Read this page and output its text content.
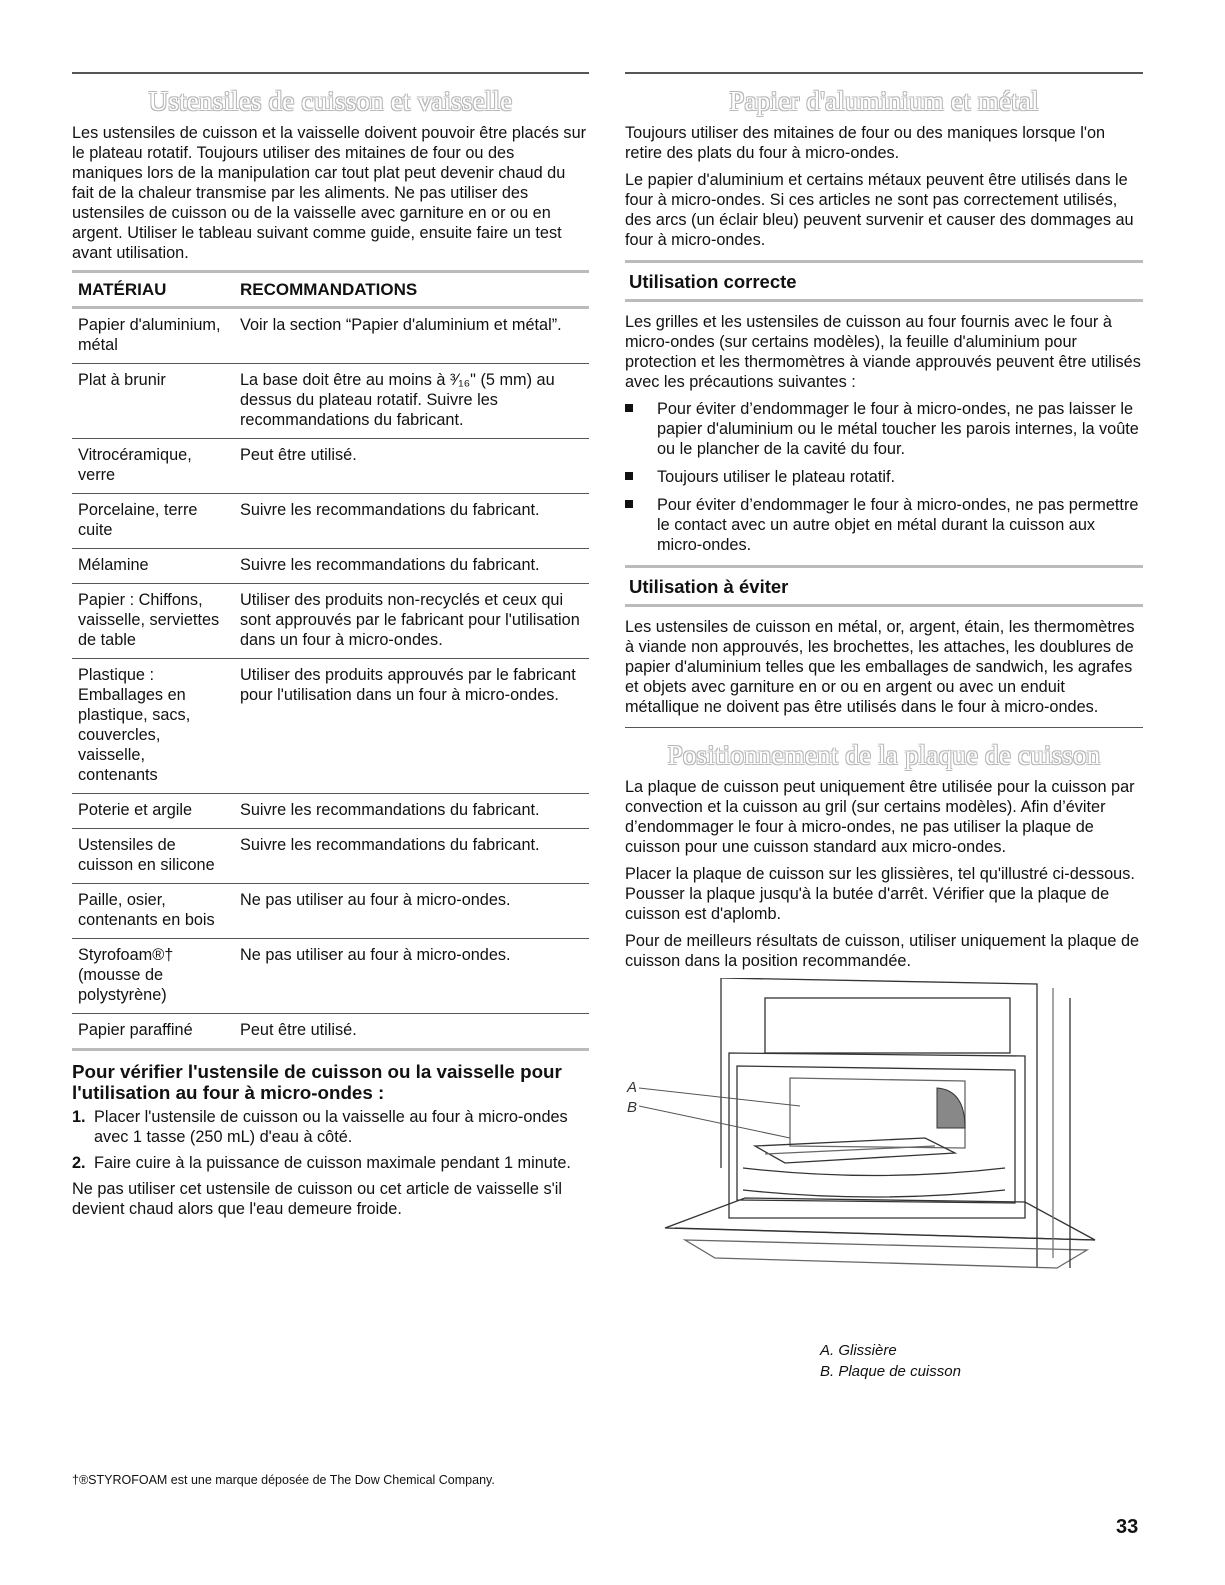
Ustensiles de cuisson et vaisselle

Les ustensiles de cuisson et la vaisselle doivent pouvoir être placés sur le plateau rotatif. Toujours utiliser des mitaines de four ou des maniques lors de la manipulation car tout plat peut devenir chaud du fait de la chaleur transmise par les aliments. Ne pas utiliser des ustensiles de cuisson ou de la vaisselle avec garniture en or ou en argent. Utiliser le tableau suivant comme guide, ensuite faire un test avant utilisation.

MATÉRIAU	RECOMMANDATIONS
Papier d'aluminium, métal	Voir la section “Papier d'aluminium et métal”.
Plat à brunir	La base doit être au moins à ³⁄₁₆" (5 mm) au dessus du plateau rotatif. Suivre les recommandations du fabricant.
Vitrocéramique, verre	Peut être utilisé.
Porcelaine, terre cuite	Suivre les recommandations du fabricant.
Mélamine	Suivre les recommandations du fabricant.
Papier : Chiffons, vaisselle, serviettes de table	Utiliser des produits non-recyclés et ceux qui sont approuvés par le fabricant pour l'utilisation dans un four à micro-ondes.
Plastique : Emballages en plastique, sacs, couvercles, vaisselle, contenants	Utiliser des produits approuvés par le fabricant pour l'utilisation dans un four à micro-ondes.
Poterie et argile	Suivre les recommandations du fabricant.
Ustensiles de cuisson en silicone	Suivre les recommandations du fabricant.
Paille, osier, contenants en bois	Ne pas utiliser au four à micro-ondes.
Styrofoam®† (mousse de polystyrène)	Ne pas utiliser au four à micro-ondes.
Papier paraffiné	Peut être utilisé.
Pour vérifier l'ustensile de cuisson ou la vaisselle pour l'utilisation au four à micro-ondes :
1. Placer l'ustensile de cuisson ou la vaisselle au four à micro-ondes avec 1 tasse (250 mL) d'eau à côté.
2. Faire cuire à la puissance de cuisson maximale pendant 1 minute.

Ne pas utiliser cet ustensile de cuisson ou cet article de vaisselle s'il devient chaud alors que l'eau demeure froide.

Papier d'aluminium et métal

Toujours utiliser des mitaines de four ou des maniques lorsque l'on retire des plats du four à micro-ondes.

Le papier d'aluminium et certains métaux peuvent être utilisés dans le four à micro-ondes. Si ces articles ne sont pas correctement utilisés, des arcs (un éclair bleu) peuvent survenir et causer des dommages au four à micro-ondes.

Utilisation correcte

Les grilles et les ustensiles de cuisson au four fournis avec le four à micro-ondes (sur certains modèles), la feuille d'aluminium pour protection et les thermomètres à viande approuvés peuvent être utilisés avec les précautions suivantes :

Pour éviter d’endommager le four à micro-ondes, ne pas laisser le papier d'aluminium ou le métal toucher les parois internes, la voûte ou le plancher de la cavité du four.
Toujours utiliser le plateau rotatif.
Pour éviter d’endommager le four à micro-ondes, ne pas permettre le contact avec un autre objet en métal durant la cuisson aux micro-ondes.
Utilisation à éviter

Les ustensiles de cuisson en métal, or, argent, étain, les thermomètres à viande non approuvés, les brochettes, les attaches, les doublures de papier d'aluminium telles que les emballages de sandwich, les agrafes et objets avec garniture en or ou en argent ou avec un enduit métallique ne doivent pas être utilisés dans le four à micro-ondes.

Positionnement de la plaque de cuisson

La plaque de cuisson peut uniquement être utilisée pour la cuisson par convection et la cuisson au gril (sur certains modèles). Afin d’éviter d’endommager le four à micro-ondes, ne pas utiliser la plaque de cuisson pour une cuisson standard aux micro-ondes.

Placer la plaque de cuisson sur les glissières, tel qu'illustré ci-dessous. Pousser la plaque jusqu'à la butée d'arrêt. Vérifier que la plaque de cuisson est d'aplomb.

Pour de meilleurs résultats de cuisson, utiliser uniquement la plaque de cuisson dans la position recommandée.

A
B
A. Glissière
B. Plaque de cuisson
†®STYROFOAM est une marque déposée de The Dow Chemical Company.
33
